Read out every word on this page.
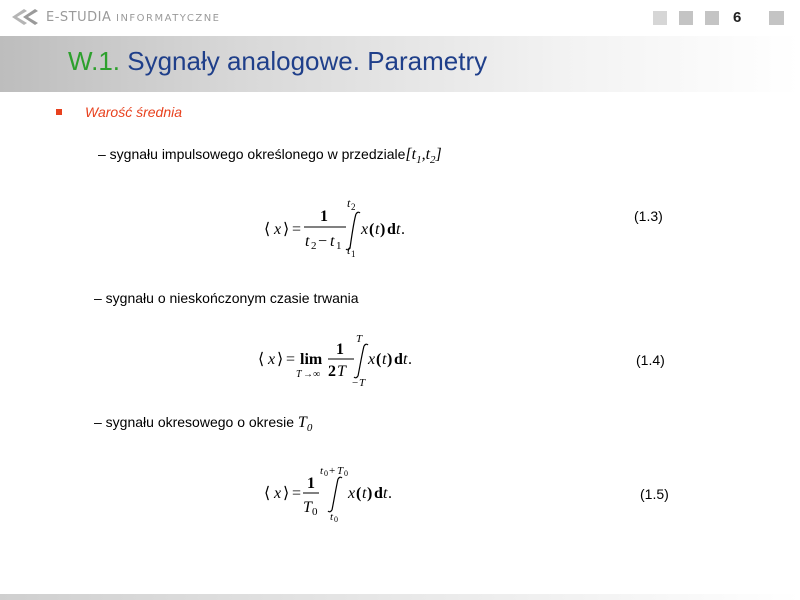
E-STUDIA INFORMATYCZNE	6
W.1. Sygnały analogowe. Parametry
Warość średnia
– sygnału impulsowego określonego w $przedziale[t_1,t_2]$
⟨ x ⟩ =
1
t 2 − t 1
t 2
t 1
x ( t ) d t .
(1.3)
– sygnału o nieskończonym czasie trwania
⟨ x ⟩ = lim
T →∞
1
2 T
T
− T
x ( t ) d t .	(1.4)
– sygnału okresowego o okresie $T_0$
⟨ x ⟩ =
1
T 0
t 0 + T 0
t 0
x ( t ) d t .	(1.5)
